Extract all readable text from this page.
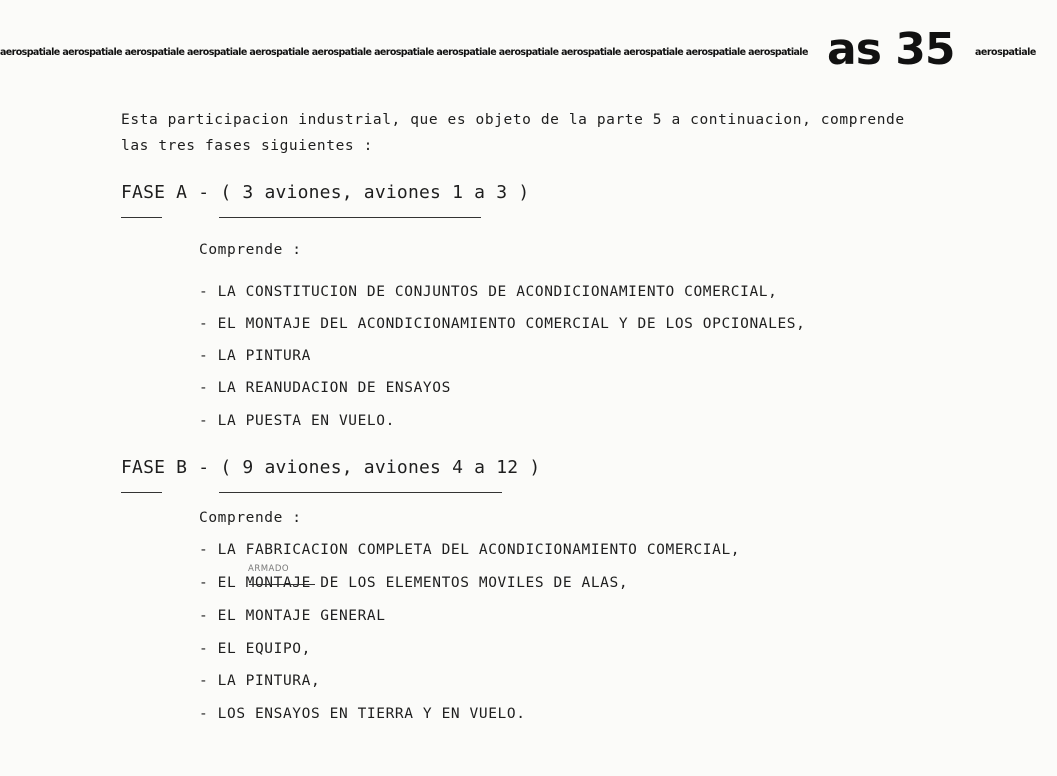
aerospatiale aerospatiale aerospatiale aerospatiale aerospatiale aerospatiale aerospatiale aerospatiale aerospatiale aerospatiale aerospatiale aerospatiale aerospatiale as 35 aerospatiale
Esta participacion industrial, que es objeto de la parte 5 a continuacion, comprende
las tres fases siguientes :
FASE A - ( 3 aviones, aviones 1 a 3 )
Comprende :
- LA CONSTITUCION DE CONJUNTOS DE ACONDICIONAMIENTO COMERCIAL,
- EL MONTAJE DEL ACONDICIONAMIENTO COMERCIAL Y DE LOS OPCIONALES,
- LA PINTURA
- LA REANUDACION DE ENSAYOS
- LA PUESTA EN VUELO.
FASE B - ( 9 aviones, aviones 4 a 12 )
Comprende :
- LA FABRICACION COMPLETA DEL ACONDICIONAMIENTO COMERCIAL,
ARMADO
- EL MONTAJE DE LOS ELEMENTOS MOVILES DE ALAS,
- EL MONTAJE GENERAL
- EL EQUIPO,
- LA PINTURA,
- LOS ENSAYOS EN TIERRA Y EN VUELO.
